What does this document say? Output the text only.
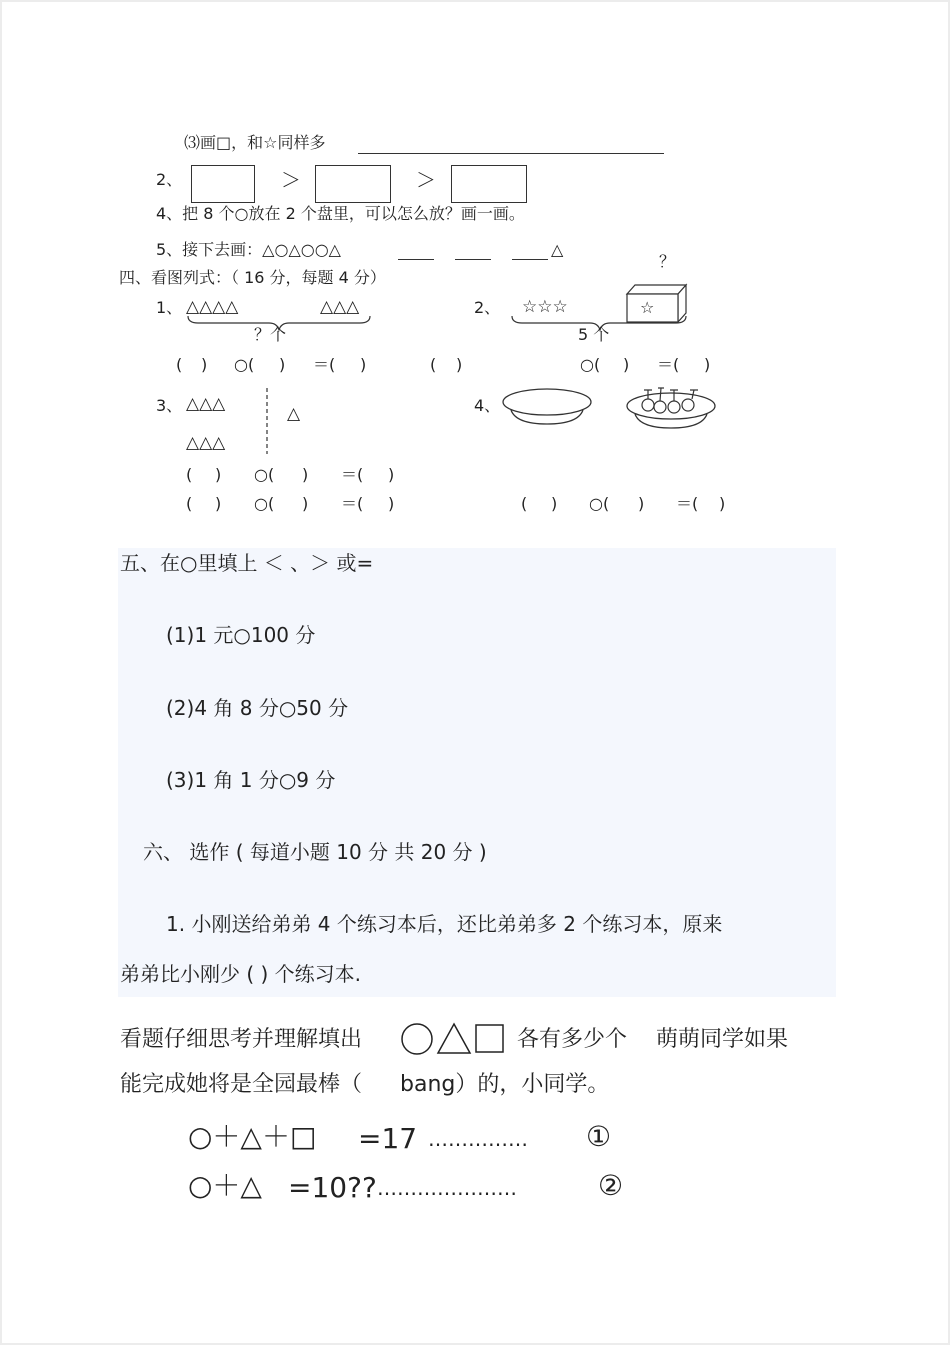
⑶画□，和☆同样多
2、	＞	＞
4、把 8 个○放在 2 个盘里，可以怎么放？画一画。
5、接下去画：△○△○○△	△
四、看图列式：（ 16 分，每题 4 分）
？
1、 △△△△	△△△
？个
2、 ☆☆☆	☆
5 个
( ) ○( ) ＝( )	( )	○( ) ＝( )
3、 △△△
△△△
△	4、
( ) ○( ) ＝( )
( ) ○( ) ＝( )	( ) ○( ) ＝( )
五、在○里填上 ＜ 、＞ 或=
(1)1 元○100 分
(2)4 角 8 分○50 分
(3)1 角 1 分○9 分
六、 选作 ( 每道小题 10 分 共 20 分 )
1. 小刚送给弟弟 4 个练习本后，还比弟弟多 2 个练习本，原来
弟弟比小刚少 ( ) 个练习本.
看题仔细思考并理解填出	各有多少个 萌萌同学如果
能完成她将是全园最棒（ bang）的，小同学。
○＋△＋□ =17 …………… ①
○＋△ =10?? …………………	②
